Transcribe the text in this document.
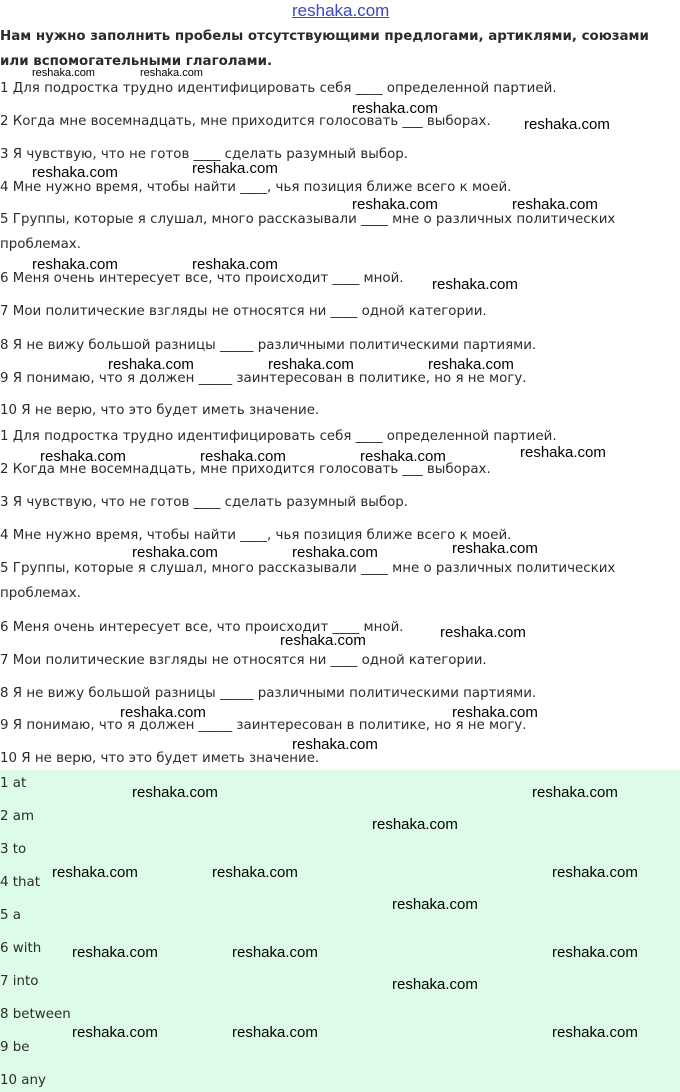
reshaka.com
Нам нужно заполнить пробелы отсутствующими предлогами, артиклями, союзами или вспомогательными глаголами.
1 Для подростка трудно идентифицировать себя ____ определенной партией.
2 Когда мне восемнадцать, мне приходится голосовать ___ выборах.
3 Я чувствую, что не готов ____ сделать разумный выбор.
4 Мне нужно время, чтобы найти ____, чья позиция ближе всего к моей.
5 Группы, которые я слушал, много рассказывали ____ мне о различных политических проблемах.
6 Меня очень интересует все, что происходит ____ мной.
7 Мои политические взгляды не относятся ни ____ одной категории.
8 Я не вижу большой разницы _____ различными политическими партиями.
9 Я понимаю, что я должен _____ заинтересован в политике, но я не могу.
10 Я не верю, что это будет иметь значение.
1 Для подростка трудно идентифицировать себя ____ определенной партией.
2 Когда мне восемнадцать, мне приходится голосовать ___ выборах.
3 Я чувствую, что не готов ____ сделать разумный выбор.
4 Мне нужно время, чтобы найти ____, чья позиция ближе всего к моей.
5 Группы, которые я слушал, много рассказывали ____ мне о различных политических проблемах.
6 Меня очень интересует все, что происходит ____ мной.
7 Мои политические взгляды не относятся ни ____ одной категории.
8 Я не вижу большой разницы _____ различными политическими партиями.
9 Я понимаю, что я должен _____ заинтересован в политике, но я не могу.
10 Я не верю, что это будет иметь значение.
1 at
2 am
3 to
4 that
5 a
6 with
7 into
8 between
9 be
10 any
reshaka.com	reshaka.com
reshaka.com
reshaka.com
reshaka.com	reshaka.com
reshaka.com	reshaka.com
reshaka.com	reshaka.com
reshaka.com
reshaka.com	reshaka.com	reshaka.com
reshaka.com	reshaka.com	reshaka.com	reshaka.com
reshaka.com	reshaka.com	reshaka.com
reshaka.com	reshaka.com
reshaka.com	reshaka.com
reshaka.com
reshaka.com	reshaka.com
reshaka.com
reshaka.com	reshaka.com	reshaka.com
reshaka.com
reshaka.com	reshaka.com	reshaka.com
reshaka.com
reshaka.com	reshaka.com	reshaka.com
